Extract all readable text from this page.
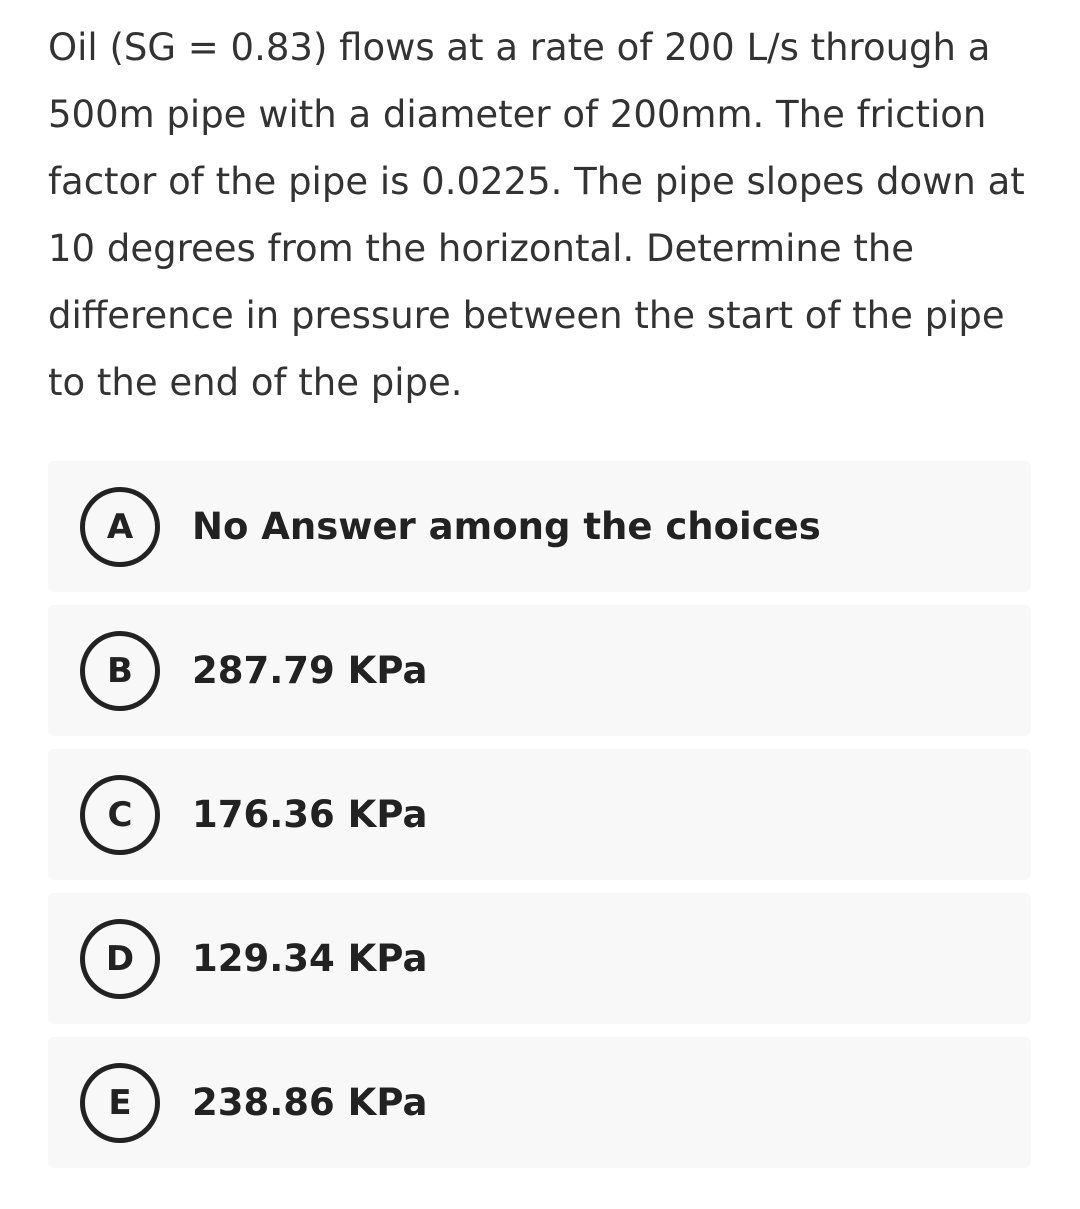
Oil (SG = 0.83) flows at a rate of 200 L/s through a 500m pipe with a diameter of 200mm. The friction factor of the pipe is 0.0225. The pipe slopes down at 10 degrees from the horizontal. Determine the difference in pressure between the start of the pipe to the end of the pipe.

A	No Answer among the choices
B	287.79 KPa
C	176.36 KPa
D	129.34 KPa
E	238.86 KPa
